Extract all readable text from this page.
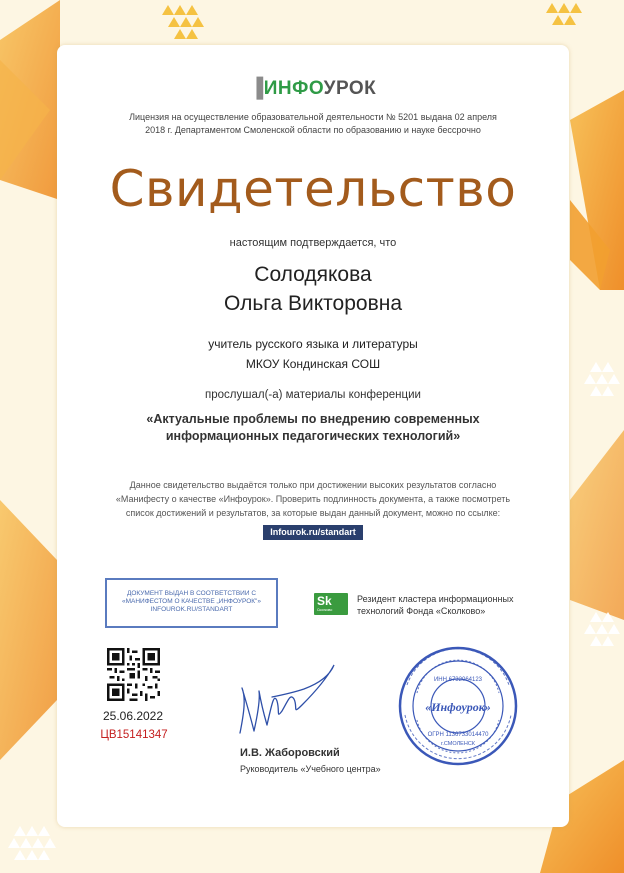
▐ИНФОУРОК
Лицензия на осуществление образовательной деятельности № 5201 выдана 02 апреля
2018 г. Департаментом Смоленской области по образованию и науке бессрочно
Свидетельство
настоящим подтверждается, что
Солодякова
Ольга Викторовна
учитель русского языка и литературы
МКОУ Кондинская СОШ
прослушал(-а) материалы конференции
«Актуальные проблемы по внедрению современных
информационных педагогических технологий»
Данное свидетельство выдаётся только при достижении высоких результатов согласно
«Манифесту о качестве «Инфоурок». Проверить подлинность документа, а также посмотреть
список достижений и результатов, за которые выдан данный документ, можно по ссылке:
Infourok.ru/standart
ДОКУМЕНТ ВЫДАН В СООТВЕТСТВИИ С
«МАНИФЕСТОМ О КАЧЕСТВЕ „ИНФОУРОК"»
INFOUROK.RU/STANDART
Sk
Сколково
Резидент кластера информационных
технологий Фонда «Сколково»
25.06.2022
ЦВ15141347
И.В. Жаборовский
Руководитель «Учебного центра»
«Инфоурок»
ИНН 6732064123
ОГРН 1136733014470
г.СМОЛЕНСК
